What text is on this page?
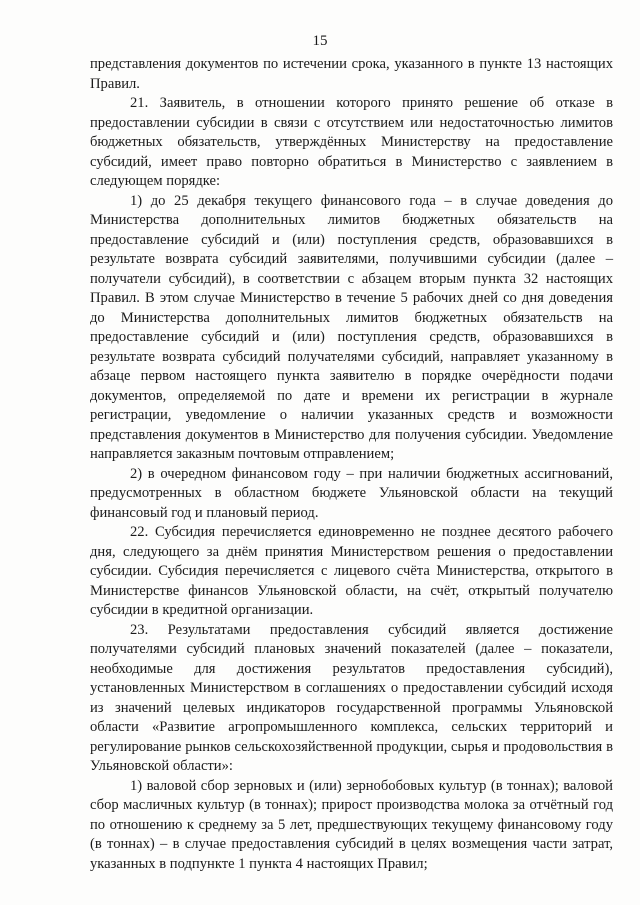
15

представления документов по истечении срока, указанного в пункте 13 настоящих Правил.

21. Заявитель, в отношении которого принято решение об отказе в предоставлении субсидии в связи с отсутствием или недостаточностью лимитов бюджетных обязательств, утверждённых Министерству на предоставление субсидий, имеет право повторно обратиться в Министерство с заявлением в следующем порядке:

1) до 25 декабря текущего финансового года – в случае доведения до Министерства дополнительных лимитов бюджетных обязательств на предоставление субсидий и (или) поступления средств, образовавшихся в результате возврата субсидий заявителями, получившими субсидии (далее – получатели субсидий), в соответствии с абзацем вторым пункта 32 настоящих Правил. В этом случае Министерство в течение 5 рабочих дней со дня доведения до Министерства дополнительных лимитов бюджетных обязательств на предоставление субсидий и (или) поступления средств, образовавшихся в результате возврата субсидий получателями субсидий, направляет указанному в абзаце первом настоящего пункта заявителю в порядке очерёдности подачи документов, определяемой по дате и времени их регистрации в журнале регистрации, уведомление о наличии указанных средств и возможности представления документов в Министерство для получения субсидии. Уведомление направляется заказным почтовым отправлением;

2) в очередном финансовом году – при наличии бюджетных ассигнований, предусмотренных в областном бюджете Ульяновской области на текущий финансовый год и плановый период.

22. Субсидия перечисляется единовременно не позднее десятого рабочего дня, следующего за днём принятия Министерством решения о предоставлении субсидии. Субсидия перечисляется с лицевого счёта Министерства, открытого в Министерстве финансов Ульяновской области, на счёт, открытый получателю субсидии в кредитной организации.

23. Результатами предоставления субсидий является достижение получателями субсидий плановых значений показателей (далее – показатели, необходимые для достижения результатов предоставления субсидий), установленных Министерством в соглашениях о предоставлении субсидий исходя из значений целевых индикаторов государственной программы Ульяновской области «Развитие агропромышленного комплекса, сельских территорий и регулирование рынков сельскохозяйственной продукции, сырья и продовольствия в Ульяновской области»:

1) валовой сбор зерновых и (или) зернобобовых культур (в тоннах); валовой сбор масличных культур (в тоннах); прирост производства молока за отчётный год по отношению к среднему за 5 лет, предшествующих текущему финансовому году (в тоннах) – в случае предоставления субсидий в целях возмещения части затрат, указанных в подпункте 1 пункта 4 настоящих Правил;
